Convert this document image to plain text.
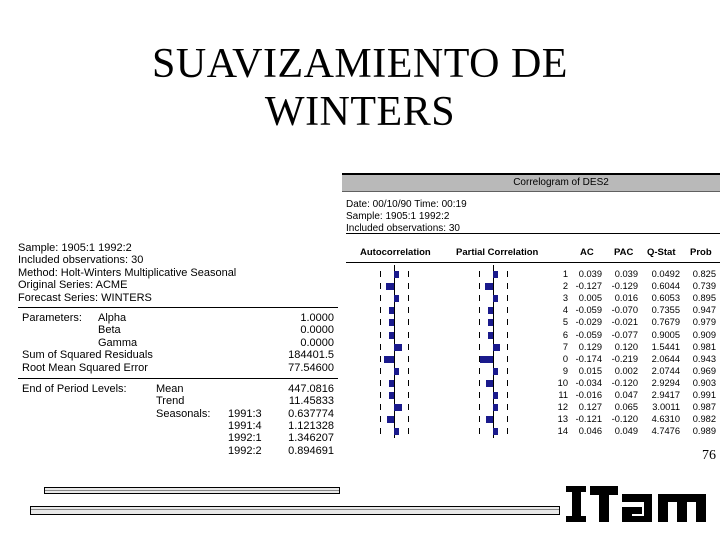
SUAVIZAMIENTO DE
WINTERS
Sample: 1905:1 1992:2
Included observations: 30
Method: Holt-Winters Multiplicative Seasonal
Original Series: ACME
Forecast Series: WINTERS
Parameters: Alpha	1.0000
Beta	0.0000
Gamma	0.0000
Sum of Squared Residuals	184401.5
Root Mean Squared Error	77.54600
End of Period Levels:	Mean	447.0816
Trend	11.45833
Seasonals: 1991:3 0.637774
1991:4 1.121328
1992:1 1.346207
1992:2 0.894691
Correlogram of DES2
Date: 00/10/90 Time: 00:19
Sample: 1905:1 1992:2
Included observations: 30
Autocorrelation	Partial Correlation	AC PAC Q-Stat Prob
1	0.039	0.039	0.0492	0.825
2 -0.127	-0.129	0.6044	0.739
3	0.005	0.016	0.6053	0.895
4 -0.059	-0.070	0.7355	0.947
5 -0.029	-0.021	0.7679	0.979
6 -0.059	-0.077	0.9005	0.909
7	0.129	0.120	1.5441	0.981
0 -0.174	-0.219	2.0644	0.943
9	0.015	0.002	2.0744	0.969
10 -0.034	-0.120	2.9294	0.903
11 -0.016	0.047	2.9417	0.991
12	0.127	0.065	3.0011	0.987
13 -0.121	-0.120	4.6310	0.982
14	0.046	0.049	4.7476	0.989
76
